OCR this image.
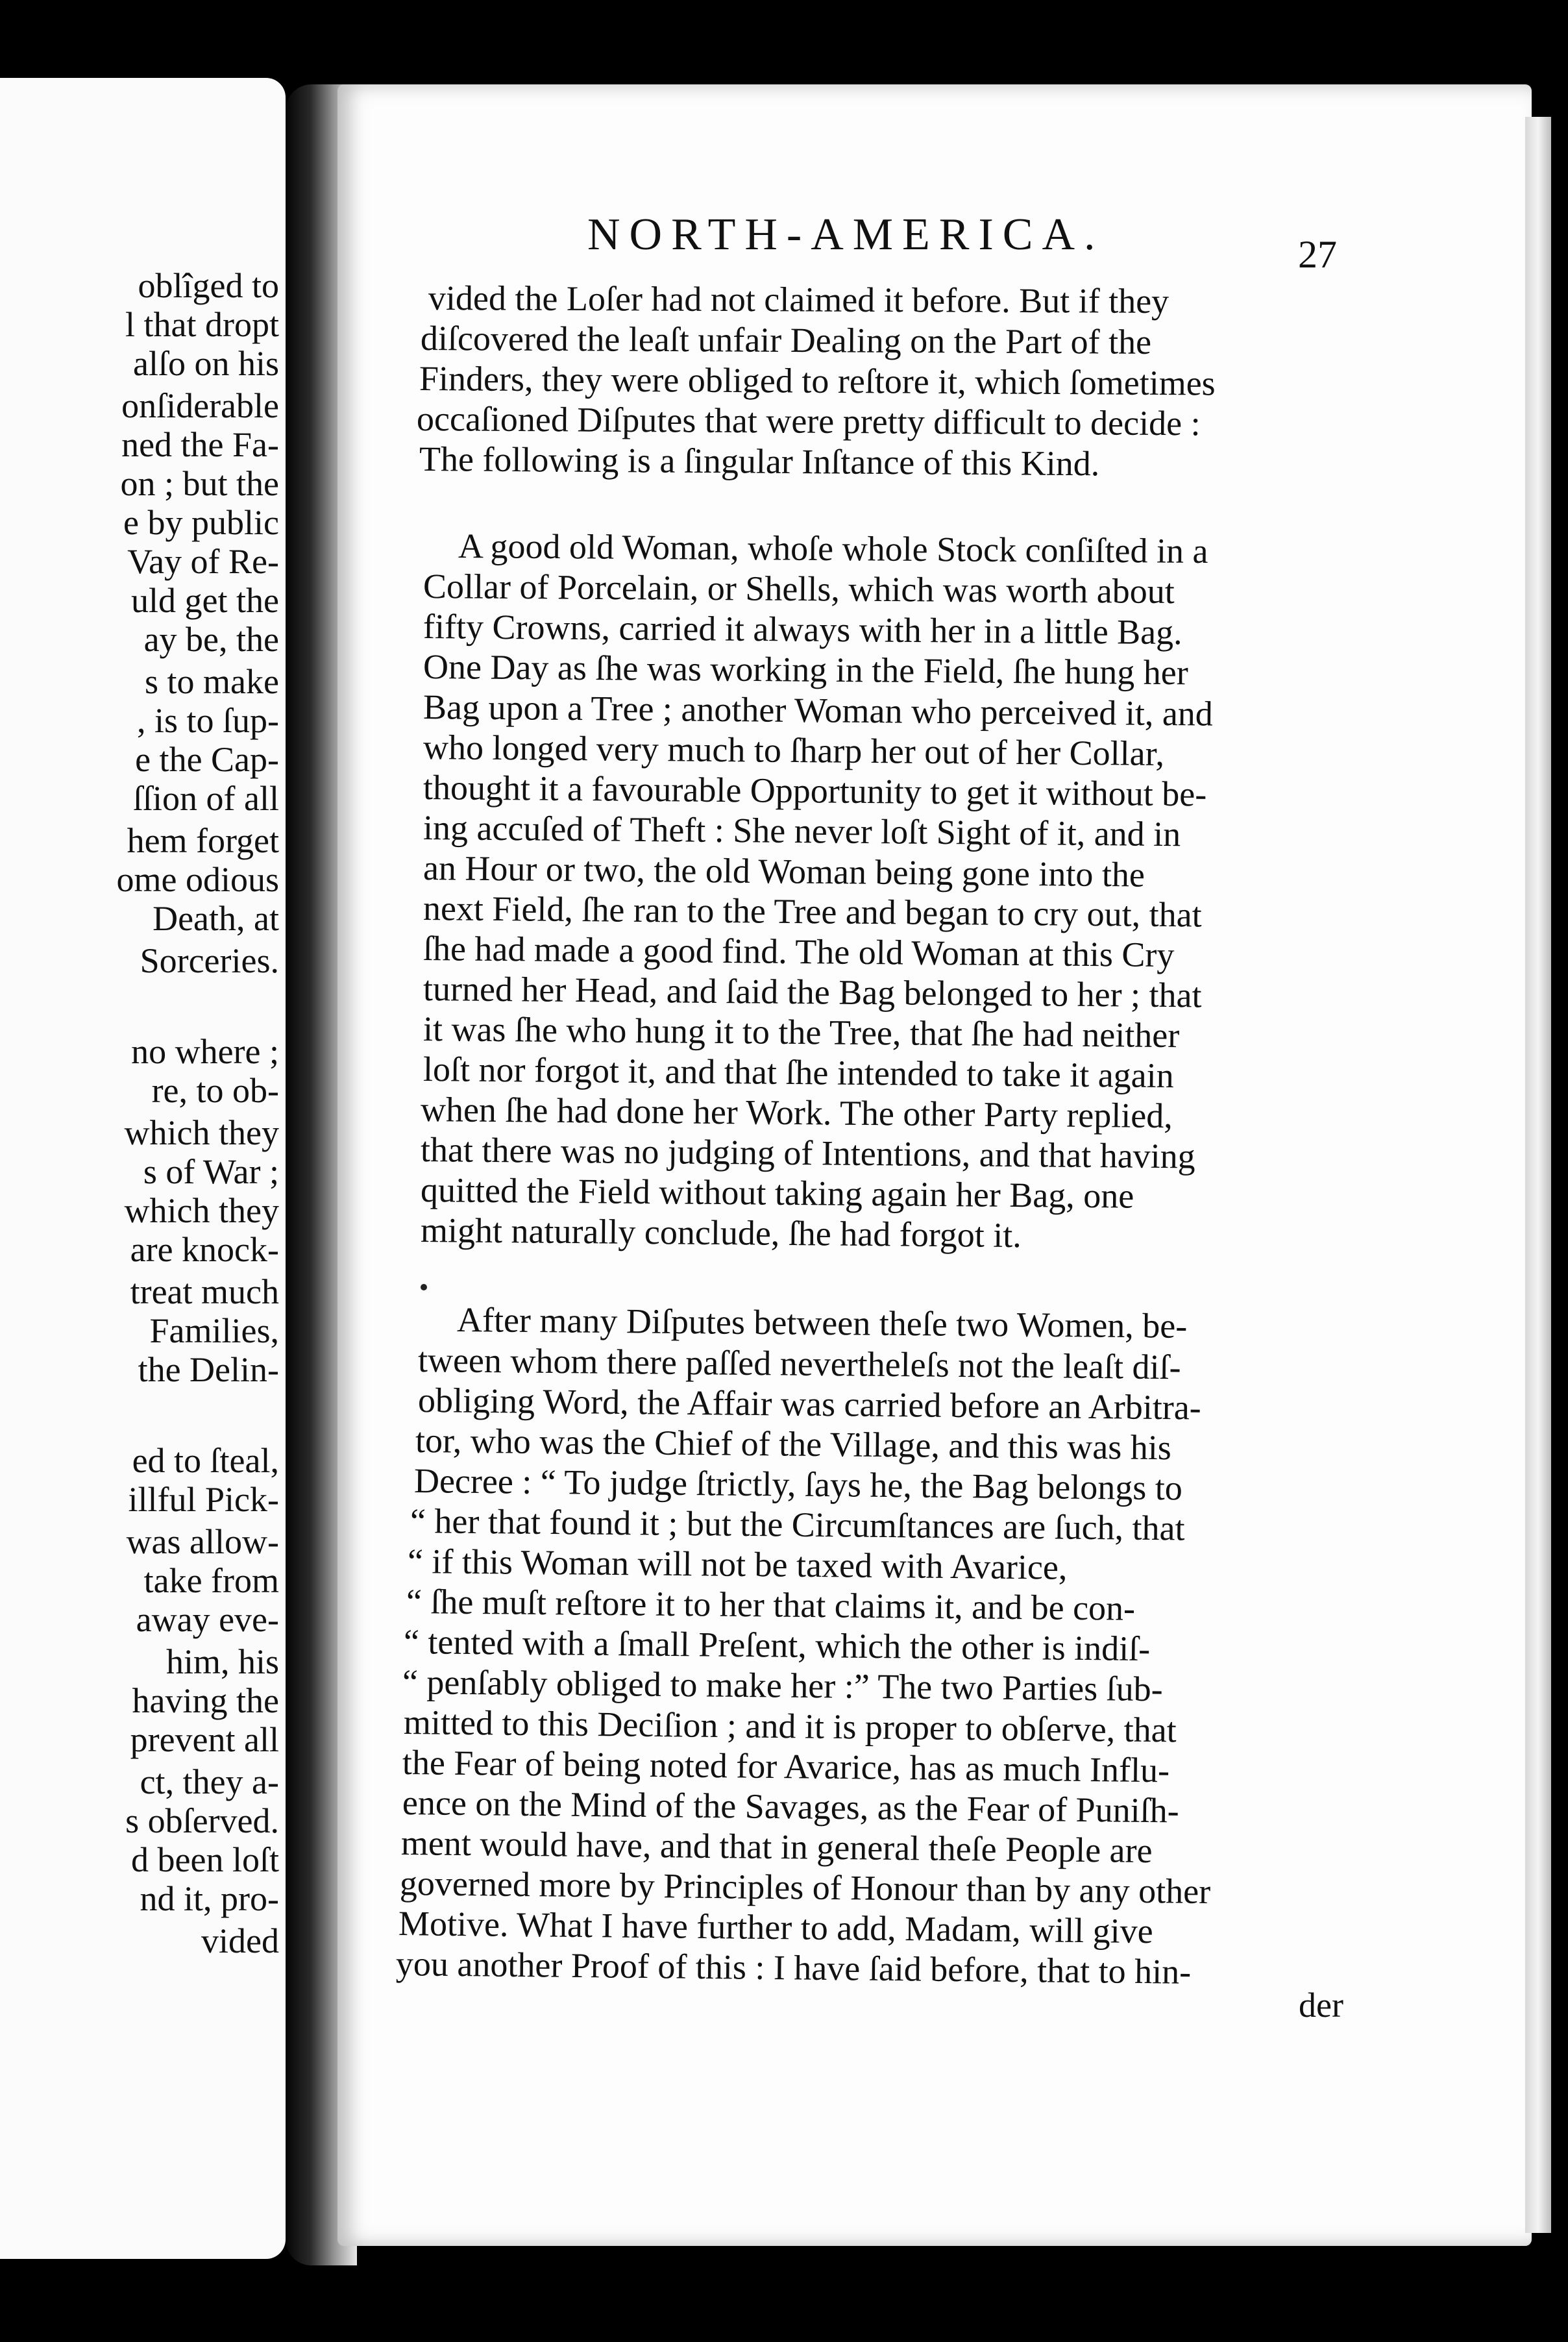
oblîged to
l that dropt
alſo on his
onſiderable
ned the Fa-
on ; but the
e by public
Vay of Re-
uld get the
ay be, the
s to make
, is to ſup-
e the Cap-
ſſion of all
hem forget
ome odious
Death, at
Sorceries.
no where ;
re, to ob-
which they
s of War ;
which they
are knock-
treat much
Families,
the Delin-
ed to ſteal,
illful Pick-
was allow-
take from
away eve-
him, his
having the
prevent all
ct, they a-
s obſerved.
d been loſt
nd it, pro-
vided
NORTH-AMERICA.	27
vided the Loſer had not claimed it before. But if they
diſcovered the leaſt unfair Dealing on the Part of the
Finders, they were obliged to reſtore it, which ſometimes
occaſioned Diſputes that were pretty difficult to decide :
The following is a ſingular Inſtance of this Kind.
A good old Woman, whoſe whole Stock conſiſted in a
Collar of Porcelain, or Shells, which was worth about
fifty Crowns, carried it always with her in a little Bag.
One Day as ſhe was working in the Field, ſhe hung her
Bag upon a Tree ; another Woman who perceived it, and
who longed very much to ſharp her out of her Collar,
thought it a favourable Opportunity to get it without be-
ing accuſed of Theft : She never loſt Sight of it, and in
an Hour or two, the old Woman being gone into the
next Field, ſhe ran to the Tree and began to cry out, that
ſhe had made a good find. The old Woman at this Cry
turned her Head, and ſaid the Bag belonged to her ; that
it was ſhe who hung it to the Tree, that ſhe had neither
loſt nor forgot it, and that ſhe intended to take it again
when ſhe had done her Work. The other Party replied,
that there was no judging of Intentions, and that having
quitted the Field without taking again her Bag, one
might naturally conclude, ſhe had forgot it.
After many Diſputes between theſe two Women, be-
tween whom there paſſed nevertheleſs not the leaſt diſ-
obliging Word, the Affair was carried before an Arbitra-
tor, who was the Chief of the Village, and this was his
Decree : “ To judge ſtrictly, ſays he, the Bag belongs to
“ her that found it ; but the Circumſtances are ſuch, that
“ if this Woman will not be taxed with Avarice,
“ ſhe muſt reſtore it to her that claims it, and be con-
“ tented with a ſmall Preſent, which the other is indiſ-
“ penſably obliged to make her :” The two Parties ſub-
mitted to this Deciſion ; and it is proper to obſerve, that
the Fear of being noted for Avarice, has as much Influ-
ence on the Mind of the Savages, as the Fear of Puniſh-
ment would have, and that in general theſe People are
governed more by Principles of Honour than by any other
Motive. What I have further to add, Madam, will give
you another Proof of this : I have ſaid before, that to hin-
der
